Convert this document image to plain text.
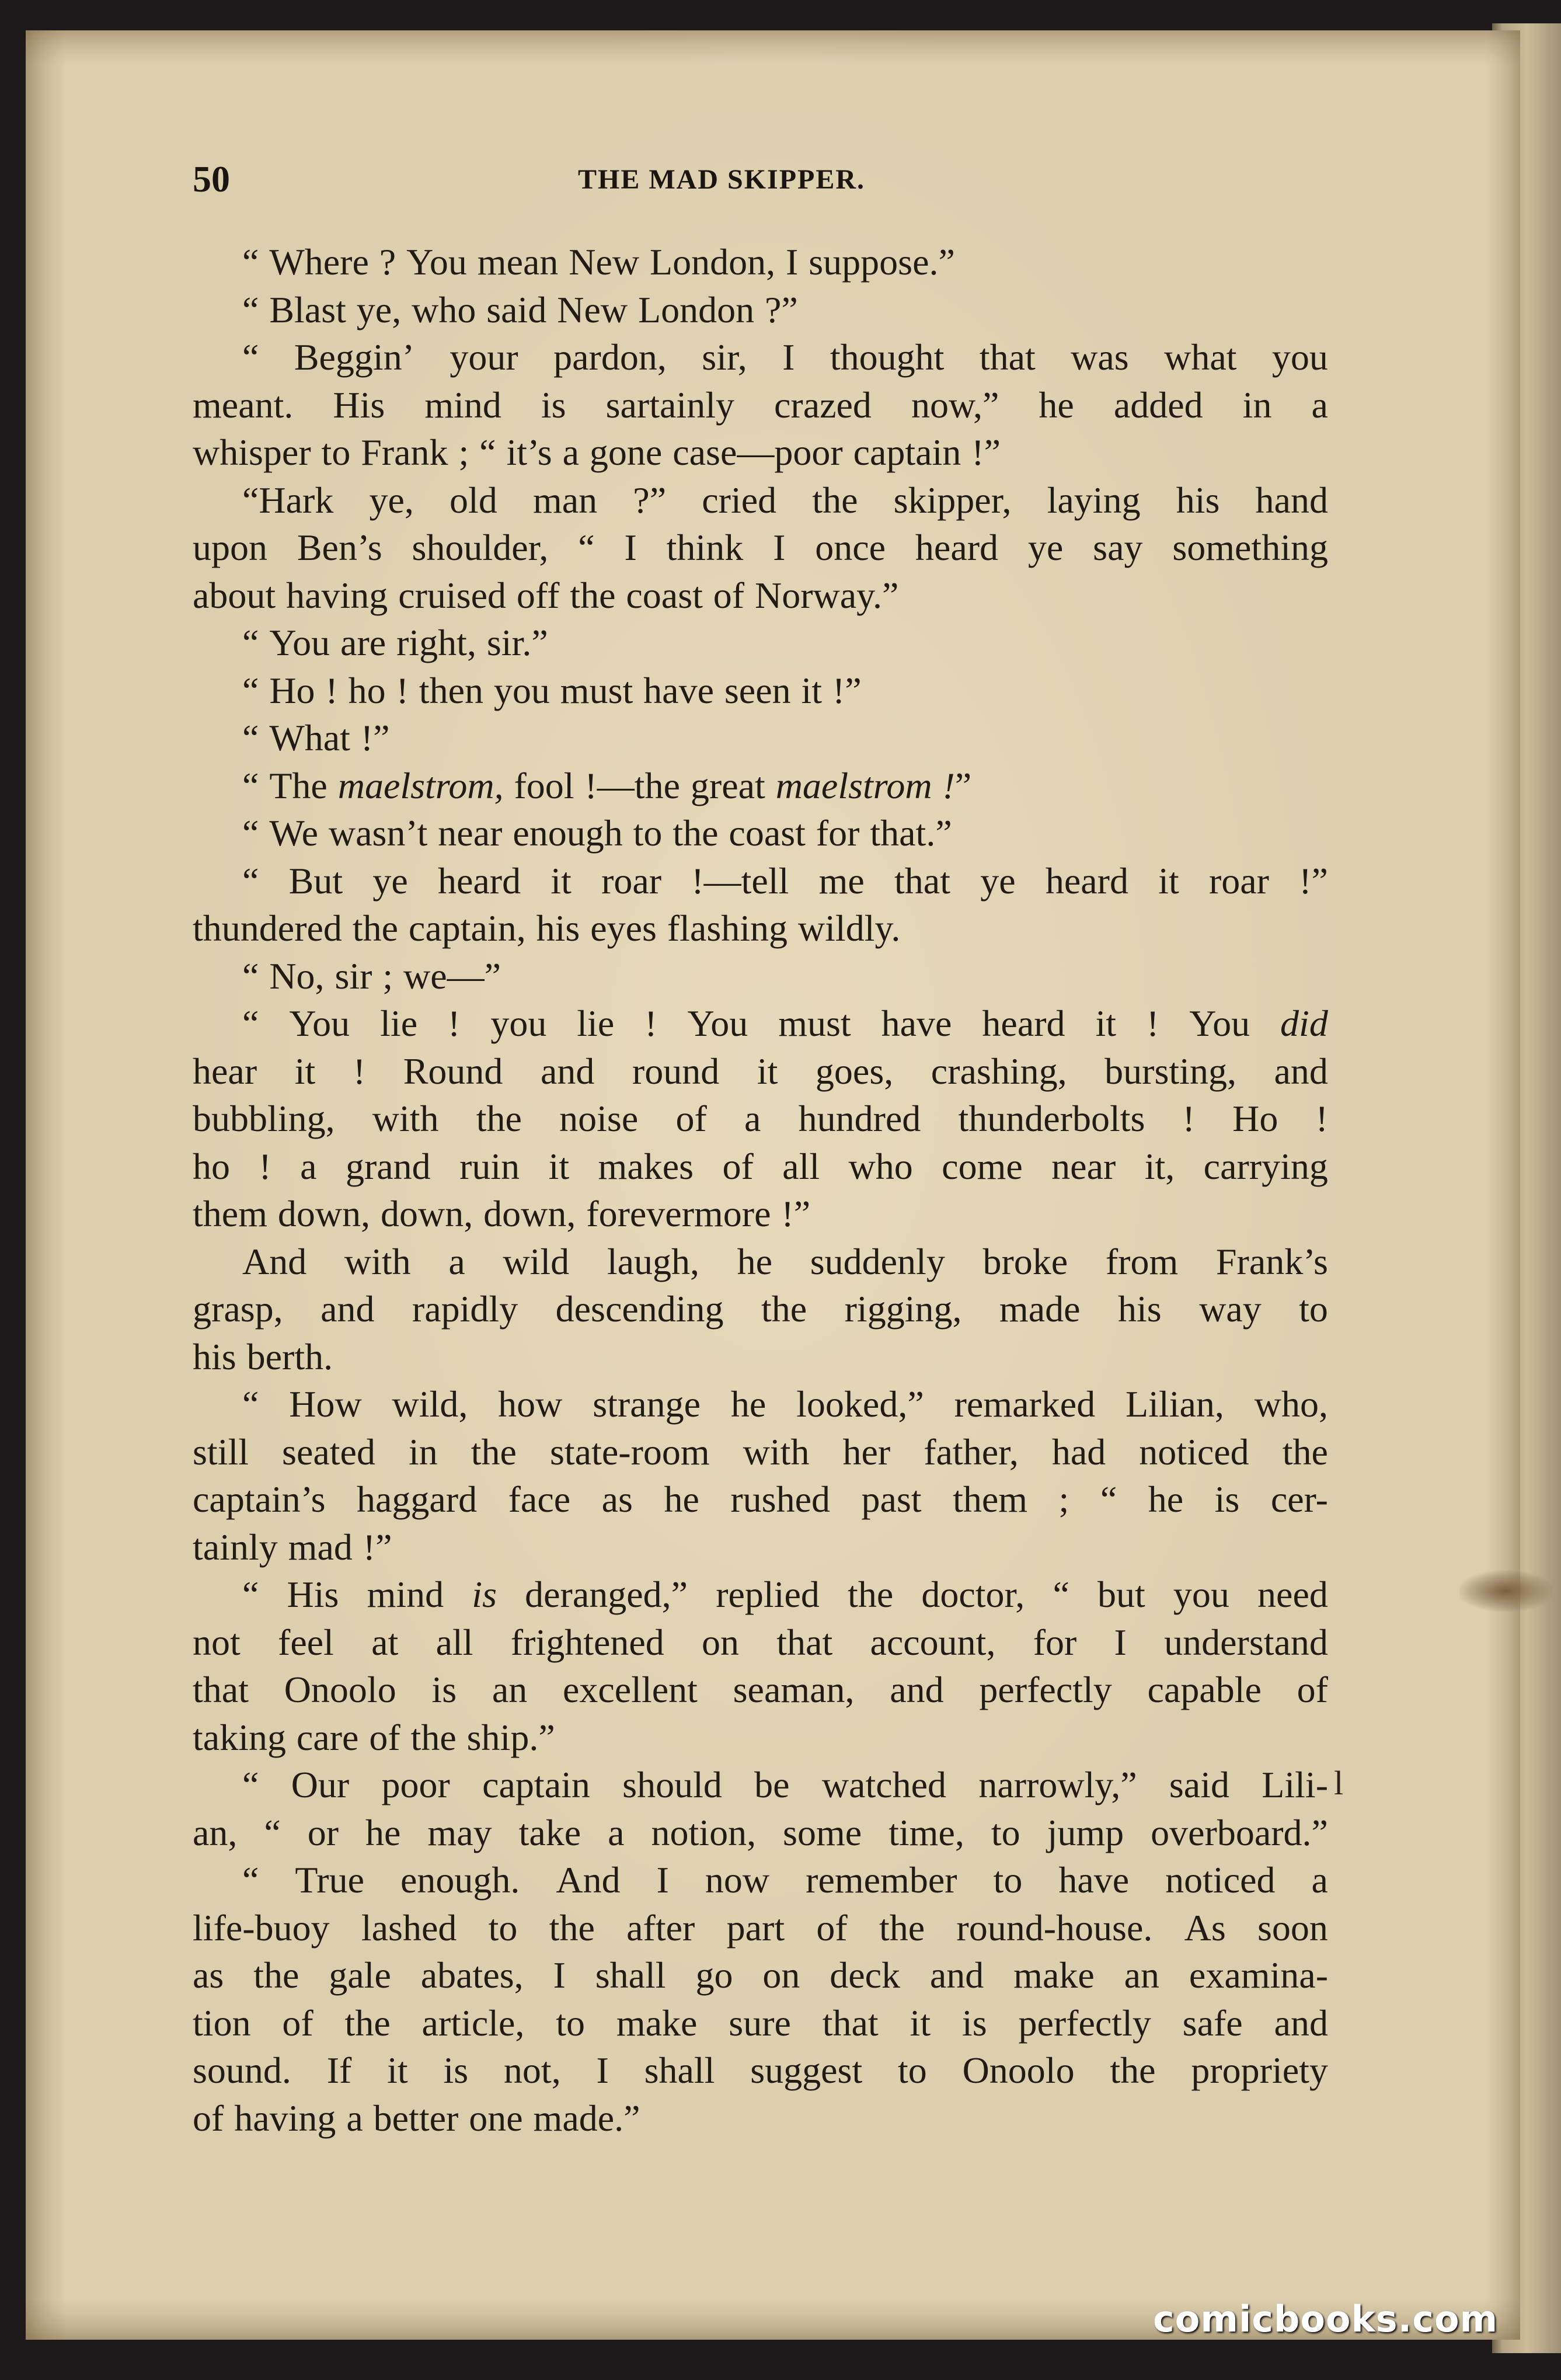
50	THE MAD SKIPPER.
“ Where ? You mean New London, I suppose.”
“ Blast ye, who said New London ?”
“ Beggin’ your pardon, sir, I thought that was what you
meant. His mind is sartainly crazed now,” he added in a
whisper to Frank ; “ it’s a gone case—poor captain !”
“Hark ye, old man ?” cried the skipper, laying his hand
upon Ben’s shoulder, “ I think I once heard ye say something
about having cruised off the coast of Norway.”
“ You are right, sir.”
“ Ho ! ho ! then you must have seen it !”
“ What !”
“ The maelstrom, fool !—the great maelstrom !”
“ We wasn’t near enough to the coast for that.”
“ But ye heard it roar !—tell me that ye heard it roar !”
thundered the captain, his eyes flashing wildly.
“ No, sir ; we—”
“ You lie ! you lie ! You must have heard it ! You did
hear it ! Round and round it goes, crashing, bursting, and
bubbling, with the noise of a hundred thunderbolts ! Ho !
ho ! a grand ruin it makes of all who come near it, carrying
them down, down, down, forevermore !”
And with a wild laugh, he suddenly broke from Frank’s
grasp, and rapidly descending the rigging, made his way to
his berth.
“ How wild, how strange he looked,” remarked Lilian, who,
still seated in the state-room with her father, had noticed the
captain’s haggard face as he rushed past them ; “ he is cer-
tainly mad !”
“ His mind is deranged,” replied the doctor, “ but you need
not feel at all frightened on that account, for I understand
that Onoolo is an excellent seaman, and perfectly capable of
taking care of the ship.”
“ Our poor captain should be watched narrowly,” said Lili-
an, “ or he may take a notion, some time, to jump overboard.”
“ True enough. And I now remember to have noticed a
life-buoy lashed to the after part of the round-house. As soon
as the gale abates, I shall go on deck and make an examina-
tion of the article, to make sure that it is perfectly safe and
sound. If it is not, I shall suggest to Onoolo the propriety
of having a better one made.”
l
comicbooks.com
